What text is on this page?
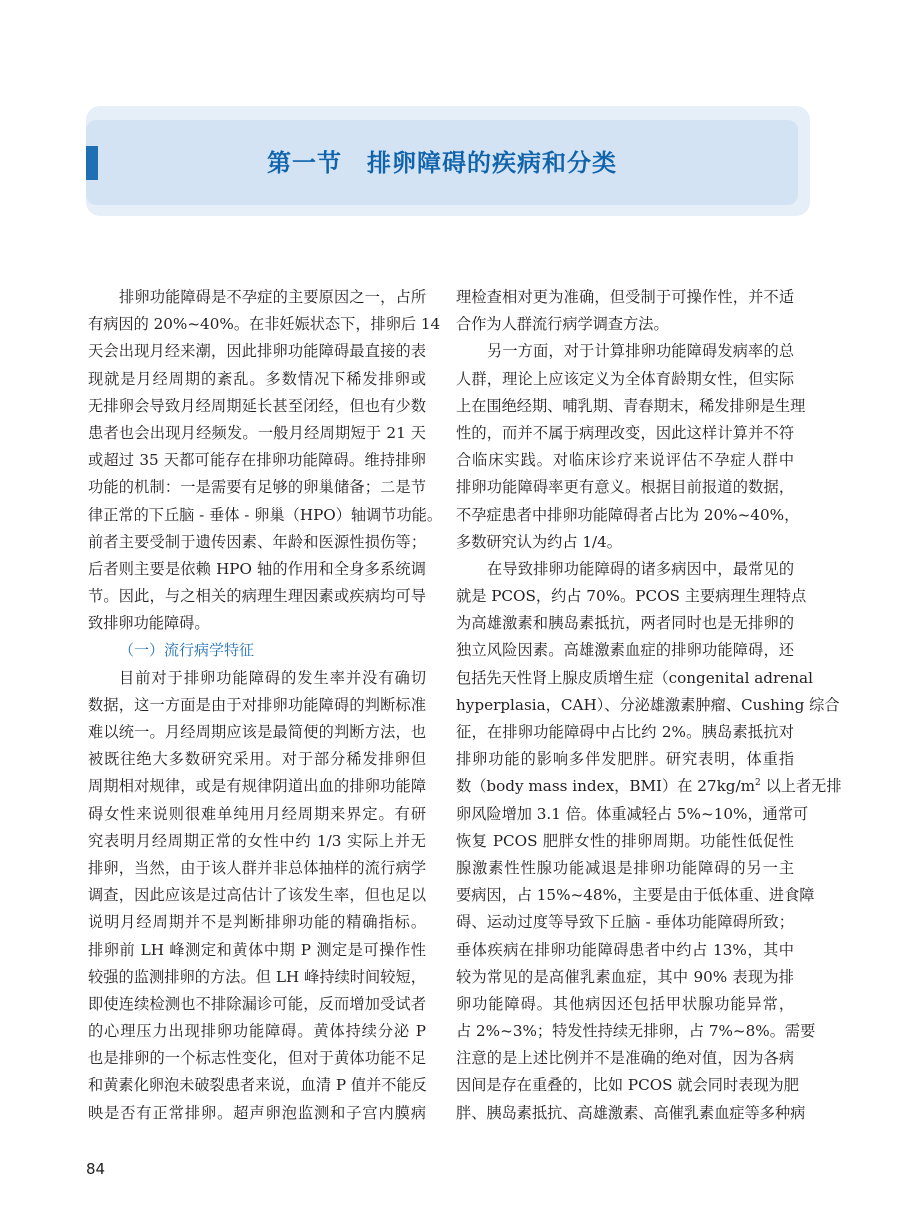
第一节　排卵障碍的疾病和分类
排卵功能障碍是不孕症的主要原因之一，占所
有病因的 20%~40%。在非妊娠状态下，排卵后 14
天会出现月经来潮，因此排卵功能障碍最直接的表
现就是月经周期的紊乱。多数情况下稀发排卵或
无排卵会导致月经周期延长甚至闭经，但也有少数
患者也会出现月经频发。一般月经周期短于 21 天
或超过 35 天都可能存在排卵功能障碍。维持排卵
功能的机制：一是需要有足够的卵巢储备；二是节
律正常的下丘脑 - 垂体 - 卵巢（HPO）轴调节功能。
前者主要受制于遗传因素、年龄和医源性损伤等；
后者则主要是依赖 HPO 轴的作用和全身多系统调
节。因此，与之相关的病理生理因素或疾病均可导
致排卵功能障碍。
（一）流行病学特征
目前对于排卵功能障碍的发生率并没有确切
数据，这一方面是由于对排卵功能障碍的判断标准
难以统一。月经周期应该是最简便的判断方法，也
被既往绝大多数研究采用。对于部分稀发排卵但
周期相对规律，或是有规律阴道出血的排卵功能障
碍女性来说则很难单纯用月经周期来界定。有研
究表明月经周期正常的女性中约 1/3 实际上并无
排卵，当然，由于该人群并非总体抽样的流行病学
调查，因此应该是过高估计了该发生率，但也足以
说明月经周期并不是判断排卵功能的精确指标。
排卵前 LH 峰测定和黄体中期 P 测定是可操作性
较强的监测排卵的方法。但 LH 峰持续时间较短，
即使连续检测也不排除漏诊可能，反而增加受试者
的心理压力出现排卵功能障碍。黄体持续分泌 P
也是排卵的一个标志性变化，但对于黄体功能不足
和黄素化卵泡未破裂患者来说，血清 P 值并不能反
映是否有正常排卵。超声卵泡监测和子宫内膜病
理检查相对更为准确，但受制于可操作性，并不适
合作为人群流行病学调查方法。
另一方面，对于计算排卵功能障碍发病率的总
人群，理论上应该定义为全体育龄期女性，但实际
上在围绝经期、哺乳期、青春期末，稀发排卵是生理
性的，而并不属于病理改变，因此这样计算并不符
合临床实践。对临床诊疗来说评估不孕症人群中
排卵功能障碍率更有意义。根据目前报道的数据，
不孕症患者中排卵功能障碍者占比为 20%~40%，
多数研究认为约占 1/4。
在导致排卵功能障碍的诸多病因中，最常见的
就是 PCOS，约占 70%。PCOS 主要病理生理特点
为高雄激素和胰岛素抵抗，两者同时也是无排卵的
独立风险因素。高雄激素血症的排卵功能障碍，还
包括先天性肾上腺皮质增生症（congenital adrenal
hyperplasia，CAH）、分泌雄激素肿瘤、Cushing 综合
征，在排卵功能障碍中占比约 2%。胰岛素抵抗对
排卵功能的影响多伴发肥胖。研究表明，体重指
数（body mass index，BMI）在 $27kg/m^2$ 以上者无排
卵风险增加 3.1 倍。体重减轻占 5%~10%，通常可
恢复 PCOS 肥胖女性的排卵周期。功能性低促性
腺激素性性腺功能减退是排卵功能障碍的另一主
要病因，占 15%~48%，主要是由于低体重、进食障
碍、运动过度等导致下丘脑 - 垂体功能障碍所致；
垂体疾病在排卵功能障碍患者中约占 13%，其中
较为常见的是高催乳素血症，其中 90% 表现为排
卵功能障碍。其他病因还包括甲状腺功能异常，
占 2%~3%；特发性持续无排卵，占 7%~8%。需要
注意的是上述比例并不是准确的绝对值，因为各病
因间是存在重叠的，比如 PCOS 就会同时表现为肥
胖、胰岛素抵抗、高雄激素、高催乳素血症等多种病
84
